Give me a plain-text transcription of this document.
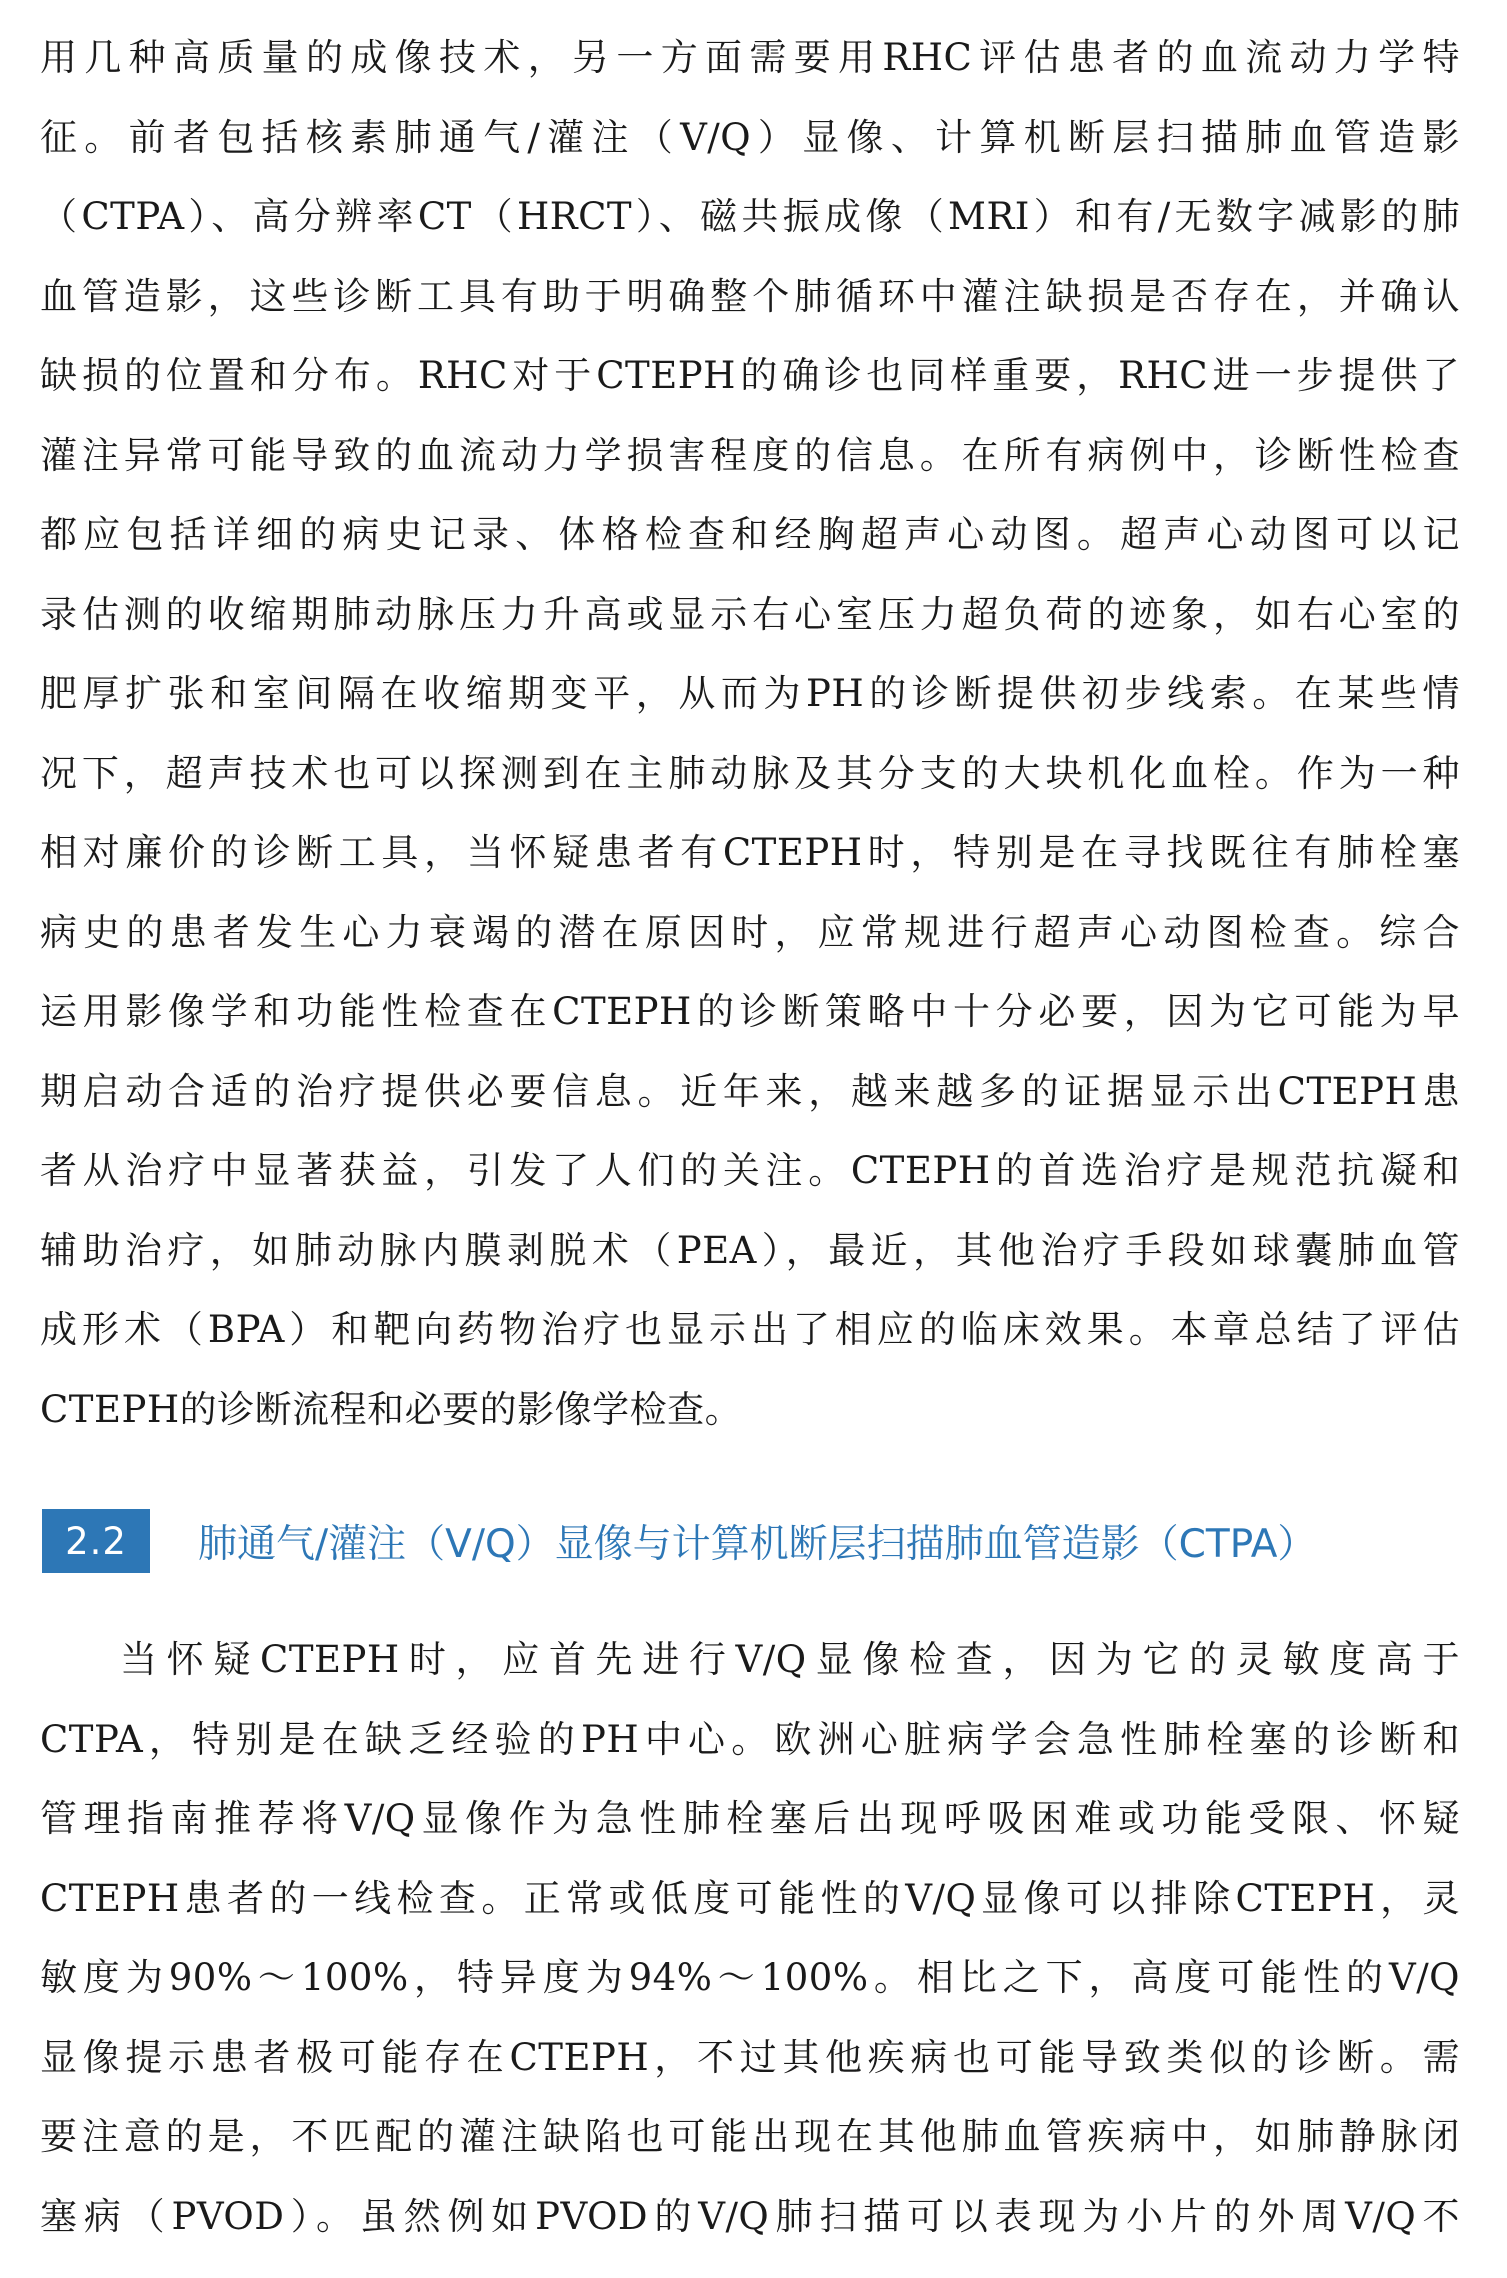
用几种高质量的成像技术，另一方面需要用RHC评估患者的血流动力学特
征。前者包括核素肺通气/灌注（V/Q）显像、计算机断层扫描肺血管造影
（CTPA）、高分辨率CT（HRCT）、磁共振成像（MRI）和有/无数字减影的肺
血管造影，这些诊断工具有助于明确整个肺循环中灌注缺损是否存在，并确认
缺损的位置和分布。RHC对于CTEPH的确诊也同样重要，RHC进一步提供了
灌注异常可能导致的血流动力学损害程度的信息。在所有病例中，诊断性检查
都应包括详细的病史记录、体格检查和经胸超声心动图。超声心动图可以记
录估测的收缩期肺动脉压力升高或显示右心室压力超负荷的迹象，如右心室的
肥厚扩张和室间隔在收缩期变平，从而为PH的诊断提供初步线索。在某些情
况下，超声技术也可以探测到在主肺动脉及其分支的大块机化血栓。作为一种
相对廉价的诊断工具，当怀疑患者有CTEPH时，特别是在寻找既往有肺栓塞
病史的患者发生心力衰竭的潜在原因时，应常规进行超声心动图检查。综合
运用影像学和功能性检查在CTEPH的诊断策略中十分必要，因为它可能为早
期启动合适的治疗提供必要信息。近年来，越来越多的证据显示出CTEPH患
者从治疗中显著获益，引发了人们的关注。CTEPH的首选治疗是规范抗凝和
辅助治疗，如肺动脉内膜剥脱术（PEA），最近，其他治疗手段如球囊肺血管
成形术（BPA）和靶向药物治疗也显示出了相应的临床效果。本章总结了评估
CTEPH的诊断流程和必要的影像学检查。
2.2	肺通气/灌注（V/Q）显像与计算机断层扫描肺血管造影（CTPA）
当怀疑CTEPH时，应首先进行V/Q显像检查，因为它的灵敏度高于
CTPA，特别是在缺乏经验的PH中心。欧洲心脏病学会急性肺栓塞的诊断和
管理指南推荐将V/Q显像作为急性肺栓塞后出现呼吸困难或功能受限、怀疑
CTEPH患者的一线检查。正常或低度可能性的V/Q显像可以排除CTEPH，灵
敏度为90%～100%，特异度为94%～100%。相比之下，高度可能性的V/Q
显像提示患者极可能存在CTEPH，不过其他疾病也可能导致类似的诊断。需
要注意的是，不匹配的灌注缺陷也可能出现在其他肺血管疾病中，如肺静脉闭
塞病（PVOD）。虽然例如PVOD的V/Q肺扫描可以表现为小片的外周V/Q不
